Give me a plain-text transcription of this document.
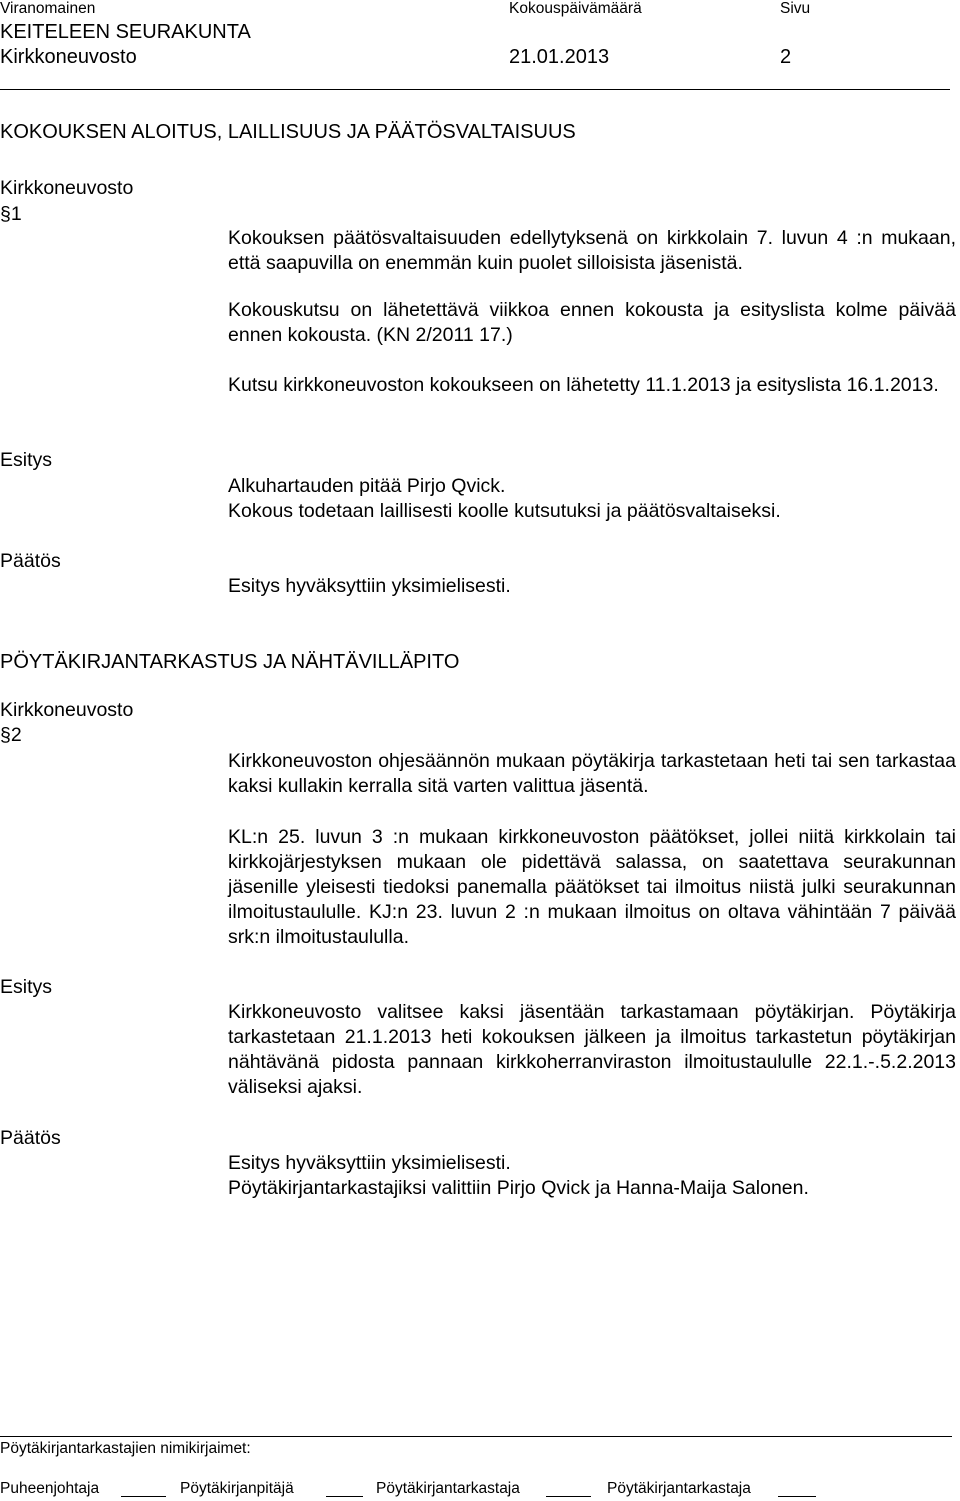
Viranomainen	Kokouspäivämäärä	Sivu
KEITELEEN SEURAKUNTA
Kirkkoneuvosto	21.01.2013	2
KOKOUKSEN ALOITUS, LAILLISUUS JA PÄÄTÖSVALTAISUUS
Kirkkoneuvosto
§1
Kokouksen päätösvaltaisuuden edellytyksenä on kirkkolain 7. luvun 4 :n mukaan, että saapuvilla on enemmän kuin puolet silloisista jäsenistä.
Kokouskutsu on lähetettävä viikkoa ennen kokousta ja esityslista kolme päivää ennen kokousta. (KN 2/2011 17.)
Kutsu kirkkoneuvoston kokoukseen on lähetetty 11.1.2013 ja esityslista 16.1.2013.
Esitys
Alkuhartauden pitää Pirjo Qvick.
Kokous todetaan laillisesti koolle kutsutuksi ja päätösvaltaiseksi.
Päätös
Esitys hyväksyttiin yksimielisesti.
PÖYTÄKIRJANTARKASTUS JA NÄHTÄVILLÄPITO
Kirkkoneuvosto
§2
Kirkkoneuvoston ohjesäännön mukaan pöytäkirja tarkastetaan heti tai sen tarkastaa kaksi kullakin kerralla sitä varten valittua jäsentä.
KL:n 25. luvun 3 :n mukaan kirkkoneuvoston päätökset, jollei niitä kirkkolain tai kirkkojärjestyksen mukaan ole pidettävä salassa, on saatettava seurakunnan jäsenille yleisesti tiedoksi panemalla päätökset tai ilmoitus niistä julki seurakunnan ilmoitustaululle. KJ:n 23. luvun 2 :n mukaan ilmoitus on oltava vähintään 7 päivää srk:n ilmoitustaululla.
Esitys
Kirkkoneuvosto valitsee kaksi jäsentään tarkastamaan pöytäkirjan. Pöytäkirja tarkastetaan 21.1.2013 heti kokouksen jälkeen ja ilmoitus tarkastetun pöytäkirjan nähtävänä pidosta pannaan kirkkoherranviraston ilmoitustaululle 22.1.-.5.2.2013 väliseksi ajaksi.
Päätös
Esitys hyväksyttiin yksimielisesti.
Pöytäkirjantarkastajiksi valittiin Pirjo Qvick ja Hanna-Maija Salonen.
Pöytäkirjantarkastajien nimikirjaimet:
Puheenjohtaja	Pöytäkirjanpitäjä	Pöytäkirjantarkastaja	Pöytäkirjantarkastaja
